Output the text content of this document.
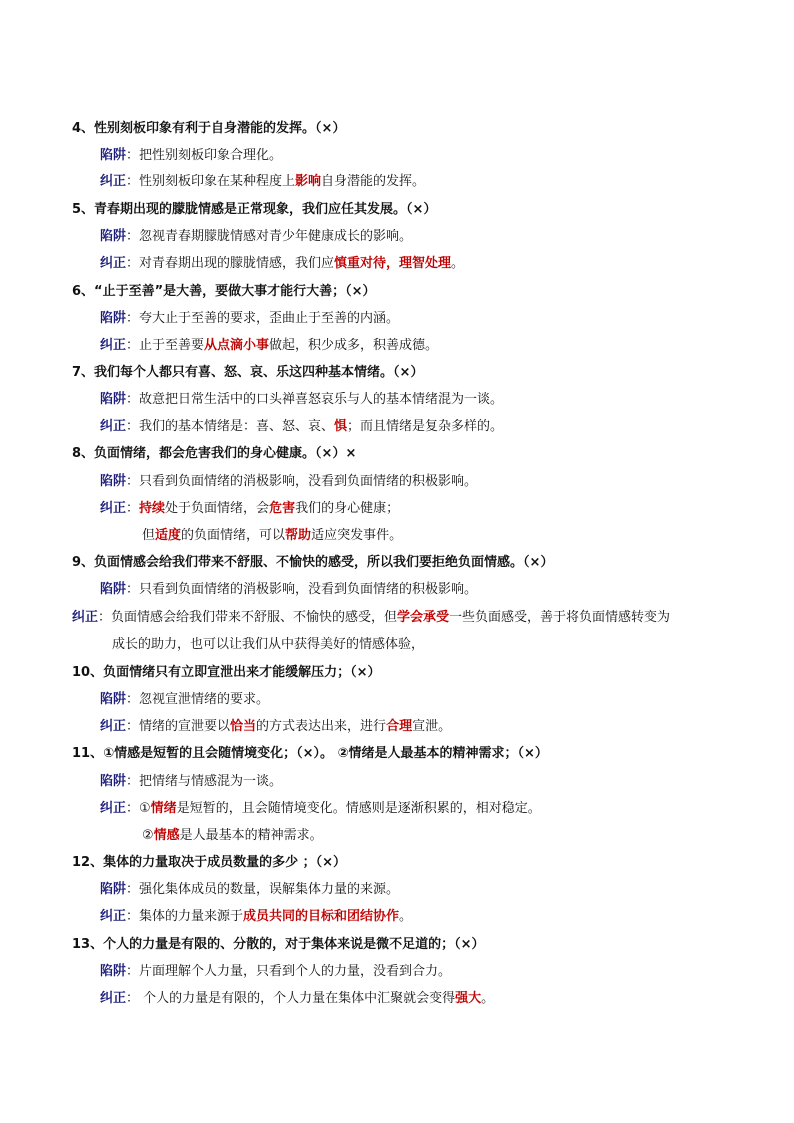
4、性别刻板印象有利于自身潜能的发挥。（×）
陷阱：把性别刻板印象合理化。
纠正：性别刻板印象在某种程度上影响自身潜能的发挥。
5、青春期出现的朦胧情感是正常现象，我们应任其发展。（×）
陷阱：忽视青春期朦胧情感对青少年健康成长的影响。
纠正：对青春期出现的朦胧情感，我们应慎重对待，理智处理。
6、“止于至善”是大善，要做大事才能行大善；（×）
陷阱：夸大止于至善的要求，歪曲止于至善的内涵。
纠正：止于至善要从点滴小事做起，积少成多，积善成德。
7、我们每个人都只有喜、怒、哀、乐这四种基本情绪。（×）
陷阱：故意把日常生活中的口头禅喜怒哀乐与人的基本情绪混为一谈。
纠正：我们的基本情绪是：喜、怒、哀、惧；而且情绪是复杂多样的。
8、负面情绪，都会危害我们的身心健康。（×）×
陷阱：只看到负面情绪的消极影响，没看到负面情绪的积极影响。
纠正：持续处于负面情绪，会危害我们的身心健康；
但适度的负面情绪，可以帮助适应突发事件。
9、负面情感会给我们带来不舒服、不愉快的感受，所以我们要拒绝负面情感。（×）
陷阱：只看到负面情绪的消极影响，没看到负面情绪的积极影响。
纠正：负面情感会给我们带来不舒服、不愉快的感受，但学会承受一些负面感受，善于将负面情感转变为
成长的助力，也可以让我们从中获得美好的情感体验，
10、负面情绪只有立即宣泄出来才能缓解压力；（×）
陷阱：忽视宣泄情绪的要求。
纠正：情绪的宣泄要以恰当的方式表达出来，进行合理宣泄。
11、①情感是短暂的且会随情境变化；（×）。 ②情绪是人最基本的精神需求；（×）
陷阱：把情绪与情感混为一谈。
纠正：①情绪是短暂的，且会随情境变化。情感则是逐渐积累的，相对稳定。
②情感是人最基本的精神需求。
12、集体的力量取决于成员数量的多少 ；（×）
陷阱：强化集体成员的数量，误解集体力量的来源。
纠正：集体的力量来源于成员共同的目标和团结协作。
13、个人的力量是有限的、分散的，对于集体来说是微不足道的；（×）
陷阱：片面理解个人力量，只看到个人的力量，没看到合力。
纠正： 个人的力量是有限的，个人力量在集体中汇聚就会变得强大。
